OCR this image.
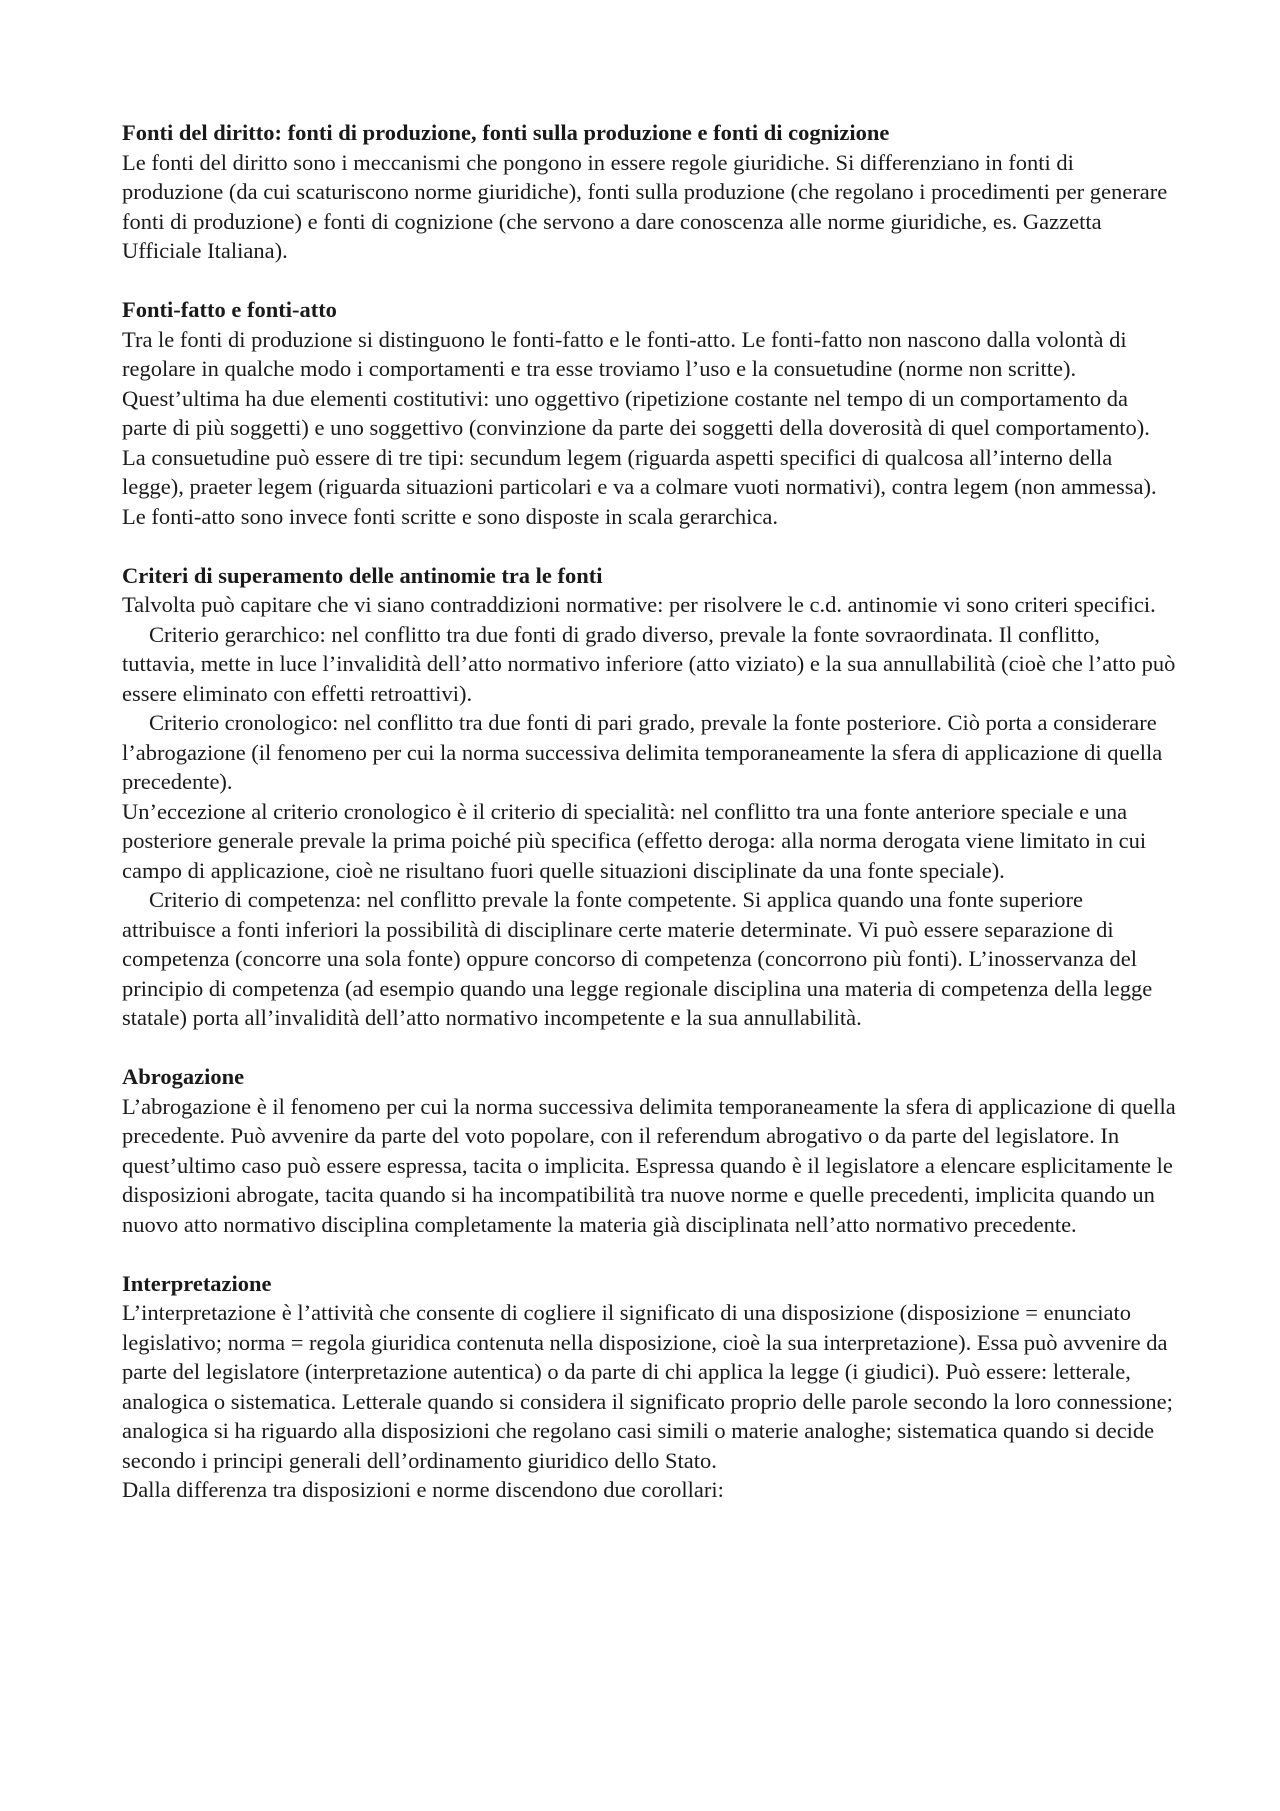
Fonti del diritto: fonti di produzione, fonti sulla produzione e fonti di cognizione

Le fonti del diritto sono i meccanismi che pongono in essere regole giuridiche. Si differenziano in fonti di produzione (da cui scaturiscono norme giuridiche), fonti sulla produzione (che regolano i procedimenti per generare fonti di produzione) e fonti di cognizione (che servono a dare conoscenza alle norme giuridiche, es. Gazzetta Ufficiale Italiana).

Fonti-fatto e fonti-atto

Tra le fonti di produzione si distinguono le fonti-fatto e le fonti-atto. Le fonti-fatto non nascono dalla volontà di regolare in qualche modo i comportamenti e tra esse troviamo l’uso e la consuetudine (norme non scritte). Quest’ultima ha due elementi costitutivi: uno oggettivo (ripetizione costante nel tempo di un comportamento da parte di più soggetti) e uno soggettivo (convinzione da parte dei soggetti della doverosità di quel comportamento). La consuetudine può essere di tre tipi: secundum legem (riguarda aspetti specifici di qualcosa all’interno della legge), praeter legem (riguarda situazioni particolari e va a colmare vuoti normativi), contra legem (non ammessa). Le fonti-atto sono invece fonti scritte e sono disposte in scala gerarchica.

Criteri di superamento delle antinomie tra le fonti

Talvolta può capitare che vi siano contraddizioni normative: per risolvere le c.d. antinomie vi sono criteri specifici.

Criterio gerarchico: nel conflitto tra due fonti di grado diverso, prevale la fonte sovraordinata. Il conflitto, tuttavia, mette in luce l’invalidità dell’atto normativo inferiore (atto viziato) e la sua annullabilità (cioè che l’atto può essere eliminato con effetti retroattivi).

Criterio cronologico: nel conflitto tra due fonti di pari grado, prevale la fonte posteriore. Ciò porta a considerare l’abrogazione (il fenomeno per cui la norma successiva delimita temporaneamente la sfera di applicazione di quella precedente).

Un’eccezione al criterio cronologico è il criterio di specialità: nel conflitto tra una fonte anteriore speciale e una posteriore generale prevale la prima poiché più specifica (effetto deroga: alla norma derogata viene limitato in cui campo di applicazione, cioè ne risultano fuori quelle situazioni disciplinate da una fonte speciale).

Criterio di competenza: nel conflitto prevale la fonte competente. Si applica quando una fonte superiore attribuisce a fonti inferiori la possibilità di disciplinare certe materie determinate. Vi può essere separazione di competenza (concorre una sola fonte) oppure concorso di competenza (concorrono più fonti). L’inosservanza del principio di competenza (ad esempio quando una legge regionale disciplina una materia di competenza della legge statale) porta all’invalidità dell’atto normativo incompetente e la sua annullabilità.

Abrogazione

L’abrogazione è il fenomeno per cui la norma successiva delimita temporaneamente la sfera di applicazione di quella precedente. Può avvenire da parte del voto popolare, con il referendum abrogativo o da parte del legislatore. In quest’ultimo caso può essere espressa, tacita o implicita. Espressa quando è il legislatore a elencare esplicitamente le disposizioni abrogate, tacita quando si ha incompatibilità tra nuove norme e quelle precedenti, implicita quando un nuovo atto normativo disciplina completamente la materia già disciplinata nell’atto normativo precedente.

Interpretazione

L’interpretazione è l’attività che consente di cogliere il significato di una disposizione (disposizione = enunciato legislativo; norma = regola giuridica contenuta nella disposizione, cioè la sua interpretazione). Essa può avvenire da parte del legislatore (interpretazione autentica) o da parte di chi applica la legge (i giudici). Può essere: letterale, analogica o sistematica. Letterale quando si considera il significato proprio delle parole secondo la loro connessione; analogica si ha riguardo alla disposizioni che regolano casi simili o materie analoghe; sistematica quando si decide secondo i principi generali dell’ordinamento giuridico dello Stato.

Dalla differenza tra disposizioni e norme discendono due corollari:
